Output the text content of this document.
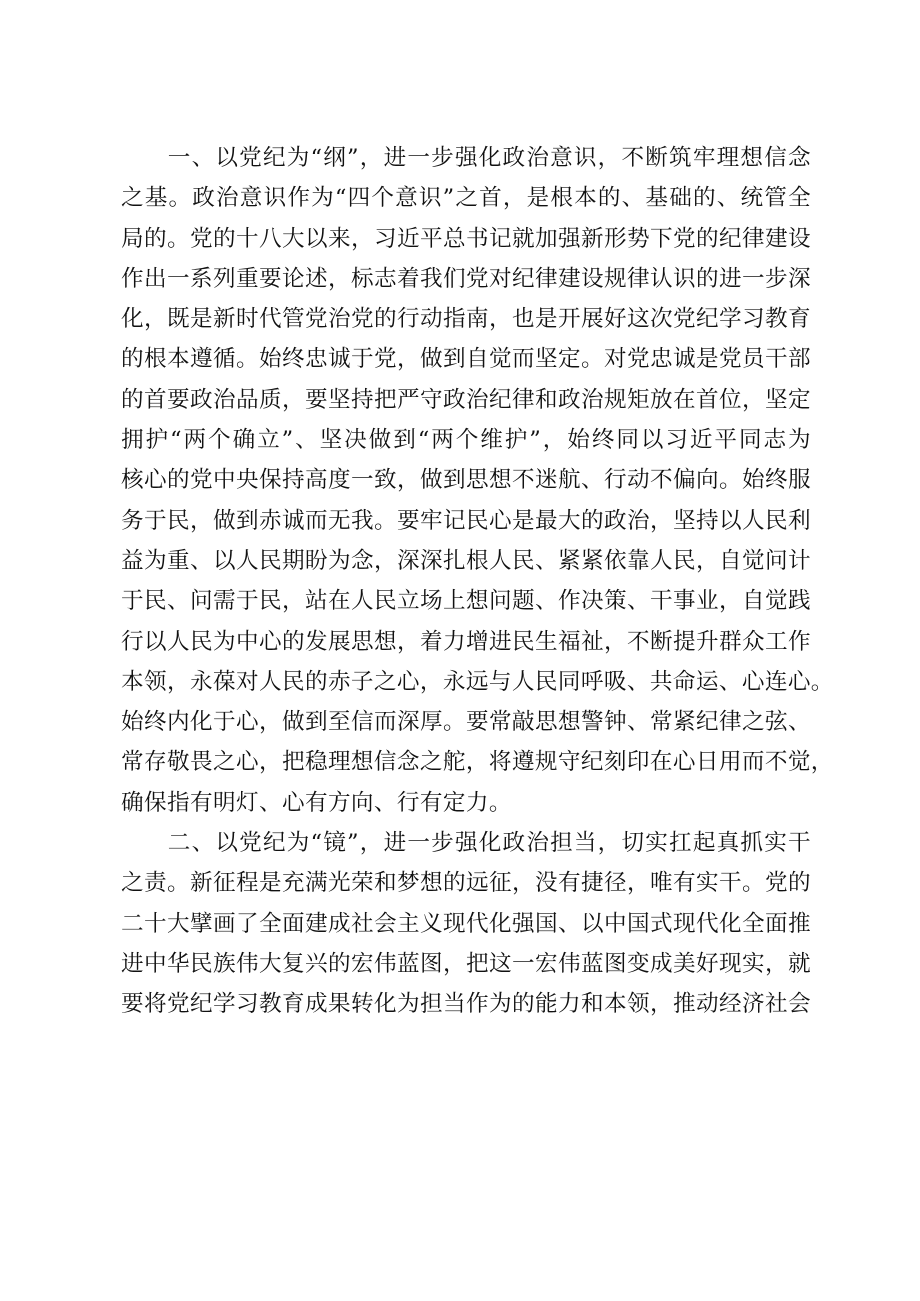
一、以党纪为“纲”，进一步强化政治意识，不断筑牢理想信念
之基。政治意识作为“四个意识”之首，是根本的、基础的、统管全
局的。党的十八大以来，习近平总书记就加强新形势下党的纪律建设
作出一系列重要论述，标志着我们党对纪律建设规律认识的进一步深
化，既是新时代管党治党的行动指南，也是开展好这次党纪学习教育
的根本遵循。始终忠诚于党，做到自觉而坚定。对党忠诚是党员干部
的首要政治品质，要坚持把严守政治纪律和政治规矩放在首位，坚定
拥护“两个确立”、坚决做到“两个维护”，始终同以习近平同志为
核心的党中央保持高度一致，做到思想不迷航、行动不偏向。始终服
务于民，做到赤诚而无我。要牢记民心是最大的政治，坚持以人民利
益为重、以人民期盼为念，深深扎根人民、紧紧依靠人民，自觉问计
于民、问需于民，站在人民立场上想问题、作决策、干事业，自觉践
行以人民为中心的发展思想，着力增进民生福祉，不断提升群众工作
本领，永葆对人民的赤子之心，永远与人民同呼吸、共命运、心连心。
始终内化于心，做到至信而深厚。要常敲思想警钟、常紧纪律之弦、
常存敬畏之心，把稳理想信念之舵，将遵规守纪刻印在心日用而不觉，
确保指有明灯、心有方向、行有定力。
二、以党纪为“镜”，进一步强化政治担当，切实扛起真抓实干
之责。新征程是充满光荣和梦想的远征，没有捷径，唯有实干。党的
二十大擘画了全面建成社会主义现代化强国、以中国式现代化全面推
进中华民族伟大复兴的宏伟蓝图，把这一宏伟蓝图变成美好现实，就
要将党纪学习教育成果转化为担当作为的能力和本领，推动经济社会
